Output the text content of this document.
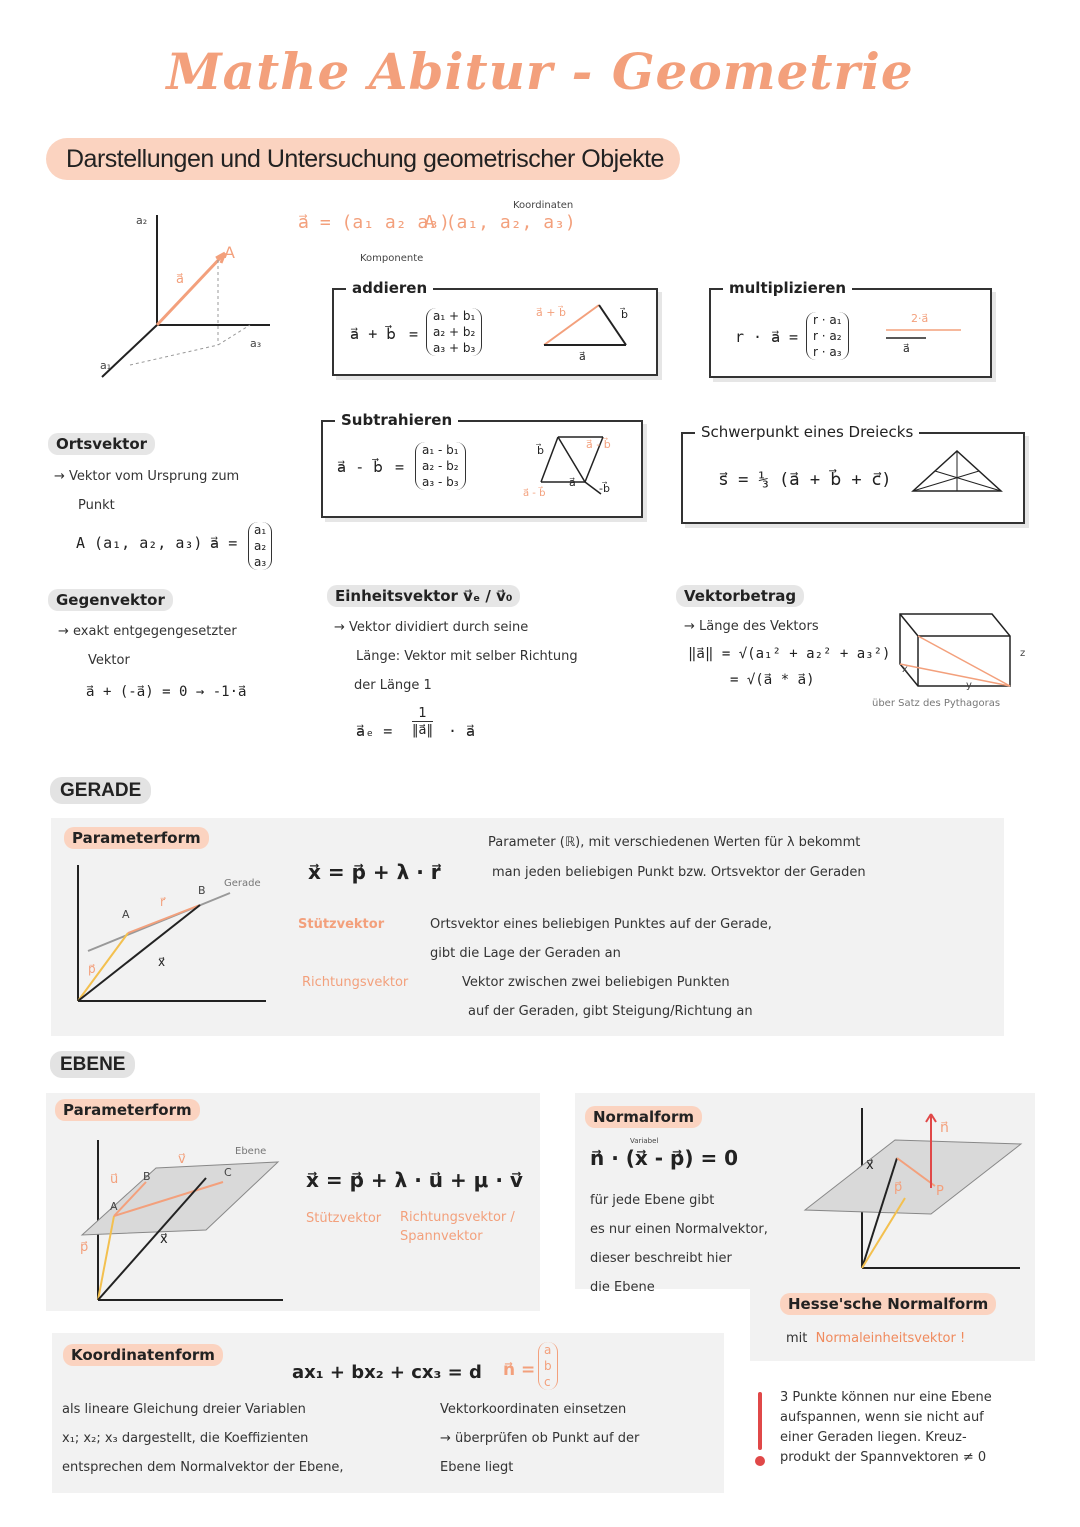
Mathe Abitur - Geometrie
Darstellungen und Untersuchung geometrischer Objekte
a₂
a₁
a₃
A
a⃗
a⃗ = (a₁ a₂ a₃)
A (a₁, a₂, a₃)
Koordinaten
Komponente
addieren
a⃗ + b⃗ =
a₁ + b₁
a₂ + b₂
a₃ + b₃
a⃗ + b⃗	b⃗
a⃗
multiplizieren
r · a⃗ =
r · a₁
r · a₂
r · a₃
2·a⃗
a⃗
Subtrahieren
a⃗ - b⃗ =
a₁ - b₁
a₂ - b₂
a₃ - b₃
a⃗ - b⃗
b⃗
a⃗
a⃗ - b⃗	-b⃗
Schwerpunkt eines Dreiecks
s⃗ = ⅓ (a⃗ + b⃗ + c⃗)
Ortsvektor
→ Vektor vom Ursprung zum
Punkt
A (a₁, a₂, a₃) a⃗ =
a₁
a₂
a₃
Gegenvektor
→ exakt entgegengesetzter
Vektor
a⃗ + (-a⃗) = 0 → -1·a⃗
Einheitsvektor v⃗ₑ / v⃗₀
→ Vektor dividiert durch seine
Länge: Vektor mit selber Richtung
der Länge 1
a⃗ₑ =
1
‖a⃗‖ · a⃗
Vektorbetrag
→ Länge des Vektors
‖a⃗‖ = √(a₁² + a₂² + a₃²)
= √(a⃗ * a⃗)
z
x
y
über Satz des Pythagoras
GERADE
Parameterform
Gerade
A
B
r⃗
p⃗	x⃗
x⃗ = p⃗ + λ · r⃗
Parameter (ℝ), mit verschiedenen Werten für λ bekommt
man jeden beliebigen Punkt bzw. Ortsvektor der Geraden
Stützvektor	Ortsvektor eines beliebigen Punktes auf der Gerade,
gibt die Lage der Geraden an
Richtungsvektor	Vektor zwischen zwei beliebigen Punkten
auf der Geraden, gibt Steigung/Richtung an
EBENE
Parameterform
Ebene
A
B	C
u⃗
v⃗
p⃗
x⃗
x⃗ = p⃗ + λ · u⃗ + μ · v⃗
Stützvektor Richtungsvektor /
Spannvektor
Normalform
Variabel
n⃗ · (x⃗ - p⃗) = 0
für jede Ebene gibt
es nur einen Normalvektor,
dieser beschreibt hier
die Ebene
n⃗
x⃗
p⃗	P
Hesse'sche Normalform
mit Normaleinheitsvektor !
Koordinatenform
ax₁ + bx₂ + cx₃ = d n⃗ =
a
b
c
als lineare Gleichung dreier Variablen
x₁; x₂; x₃ dargestellt, die Koeffizienten
entsprechen dem Normalvektor der Ebene,
Vektorkoordinaten einsetzen
→ überprüfen ob Punkt auf der
Ebene liegt
3 Punkte können nur eine Ebene
aufspannen, wenn sie nicht auf
einer Geraden liegen. Kreuz-
produkt der Spannvektoren ≠ 0
